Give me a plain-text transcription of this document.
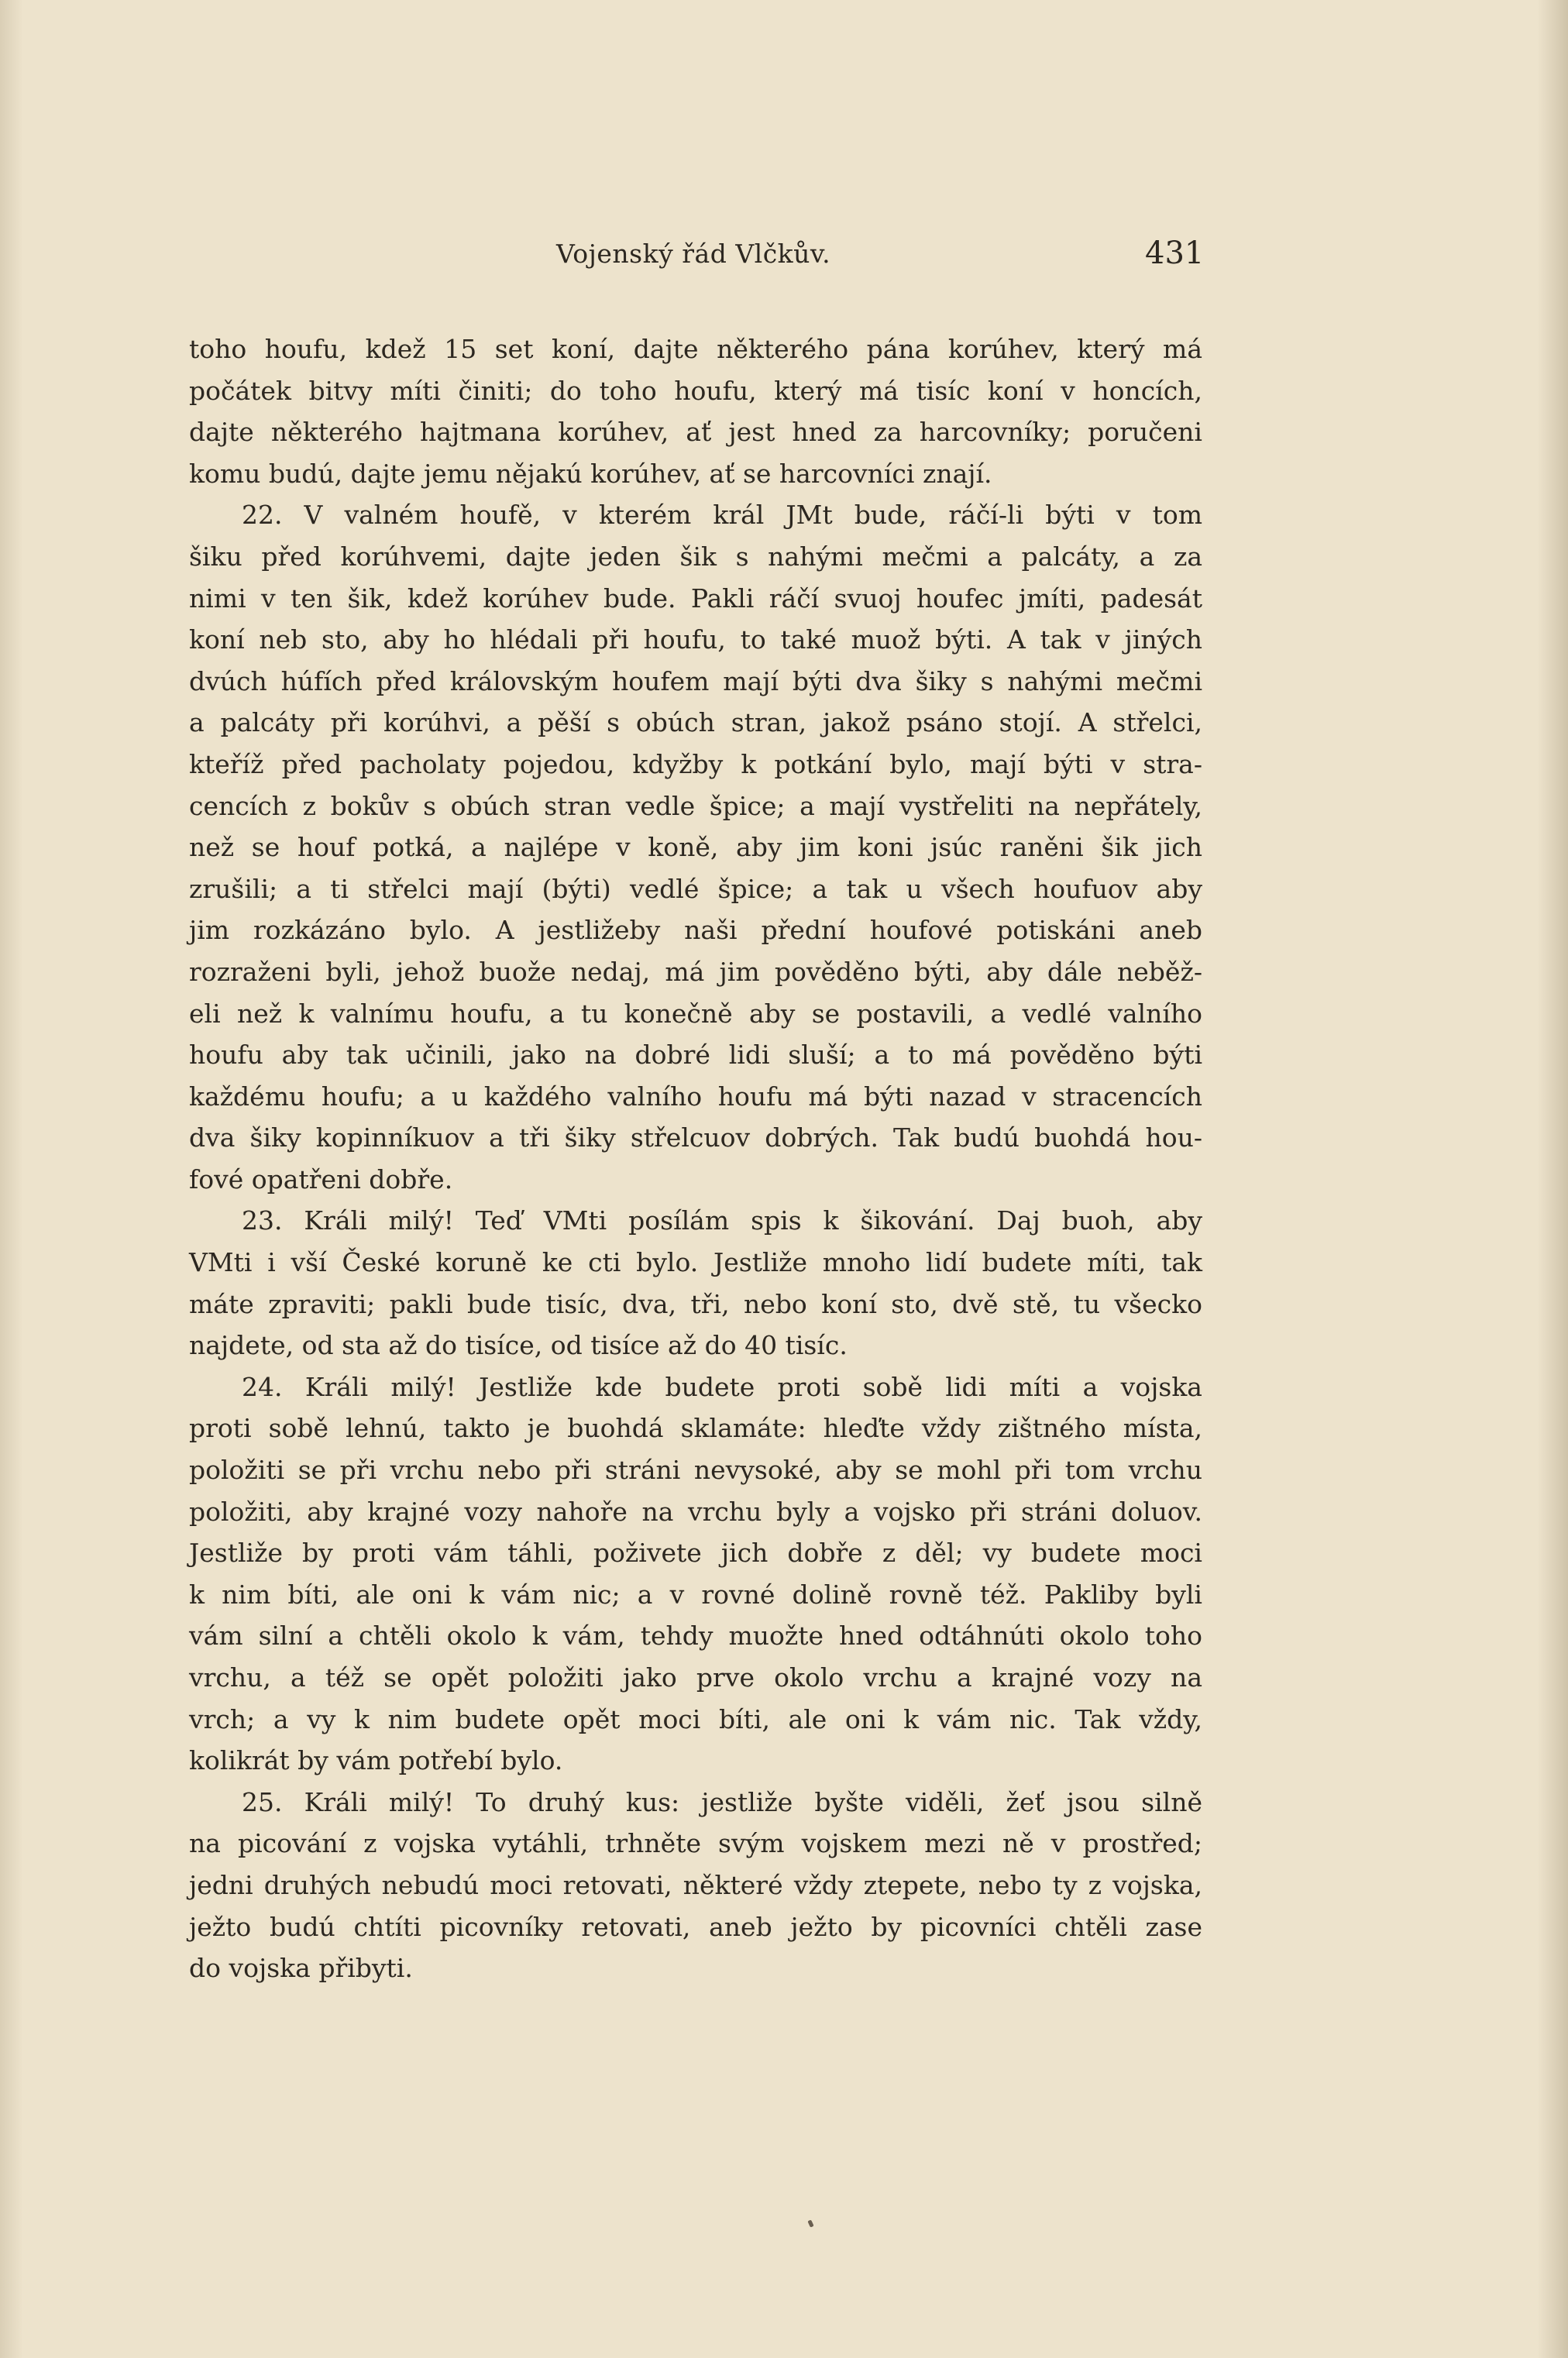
Vojenský řád Vlčkův.	431
toho houfu, kdež 15 set koní, dajte některého pána korúhev, který má
počátek bitvy míti činiti; do toho houfu, který má tisíc koní v honcích,
dajte některého hajtmana korúhev, ať jest hned za harcovníky; poručeni
komu budú, dajte jemu nějakú korúhev, ať se harcovníci znají.
22. V valném houfě, v kterém král JMt bude, ráčí-li býti v tom
šiku před korúhvemi, dajte jeden šik s nahými mečmi a palcáty, a za
nimi v ten šik, kdež korúhev bude. Pakli ráčí svuoj houfec jmíti, padesát
koní neb sto, aby ho hlédali při houfu, to také muož býti. A tak v jiných
dvúch húfích před královským houfem mají býti dva šiky s nahými mečmi
a palcáty při korúhvi, a pěší s obúch stran, jakož psáno stojí. A střelci,
kteříž před pacholaty pojedou, kdyžby k potkání bylo, mají býti v stra-
cencích z bokův s obúch stran vedle špice; a mají vystřeliti na nepřátely,
než se houf potká, a najlépe v koně, aby jim koni jsúc raněni šik jich
zrušili; a ti střelci mají (býti) vedlé špice; a tak u všech houfuov aby
jim rozkázáno bylo. A jestližeby naši přední houfové potiskáni aneb
rozraženi byli, jehož buože nedaj, má jim pověděno býti, aby dále neběž-
eli než k valnímu houfu, a tu konečně aby se postavili, a vedlé valního
houfu aby tak učinili, jako na dobré lidi sluší; a to má pověděno býti
každému houfu; a u každého valního houfu má býti nazad v stracencích
dva šiky kopinníkuov a tři šiky střelcuov dobrých. Tak budú buohdá hou-
fové opatřeni dobře.
23. Králi milý! Teď VMti posílám spis k šikování. Daj buoh, aby
VMti i vší České koruně ke cti bylo. Jestliže mnoho lidí budete míti, tak
máte zpraviti; pakli bude tisíc, dva, tři, nebo koní sto, dvě stě, tu všecko
najdete, od sta až do tisíce, od tisíce až do 40 tisíc.
24. Králi milý! Jestliže kde budete proti sobě lidi míti a vojska
proti sobě lehnú, takto je buohdá sklamáte: hleďte vždy zištného místa,
položiti se při vrchu nebo při stráni nevysoké, aby se mohl při tom vrchu
položiti, aby krajné vozy nahoře na vrchu byly a vojsko při stráni doluov.
Jestliže by proti vám táhli, poživete jich dobře z děl; vy budete moci
k nim bíti, ale oni k vám nic; a v rovné dolině rovně též. Pakliby byli
vám silní a chtěli okolo k vám, tehdy muožte hned odtáhnúti okolo toho
vrchu, a též se opět položiti jako prve okolo vrchu a krajné vozy na
vrch; a vy k nim budete opět moci bíti, ale oni k vám nic. Tak vždy,
kolikrát by vám potřebí bylo.
25. Králi milý! To druhý kus: jestliže byšte viděli, žeť jsou silně
na picování z vojska vytáhli, trhněte svým vojskem mezi ně v prostřed;
jedni druhých nebudú moci retovati, některé vždy ztepete, nebo ty z vojska,
ježto budú chtíti picovníky retovati, aneb ježto by picovníci chtěli zase
do vojska přibyti.
